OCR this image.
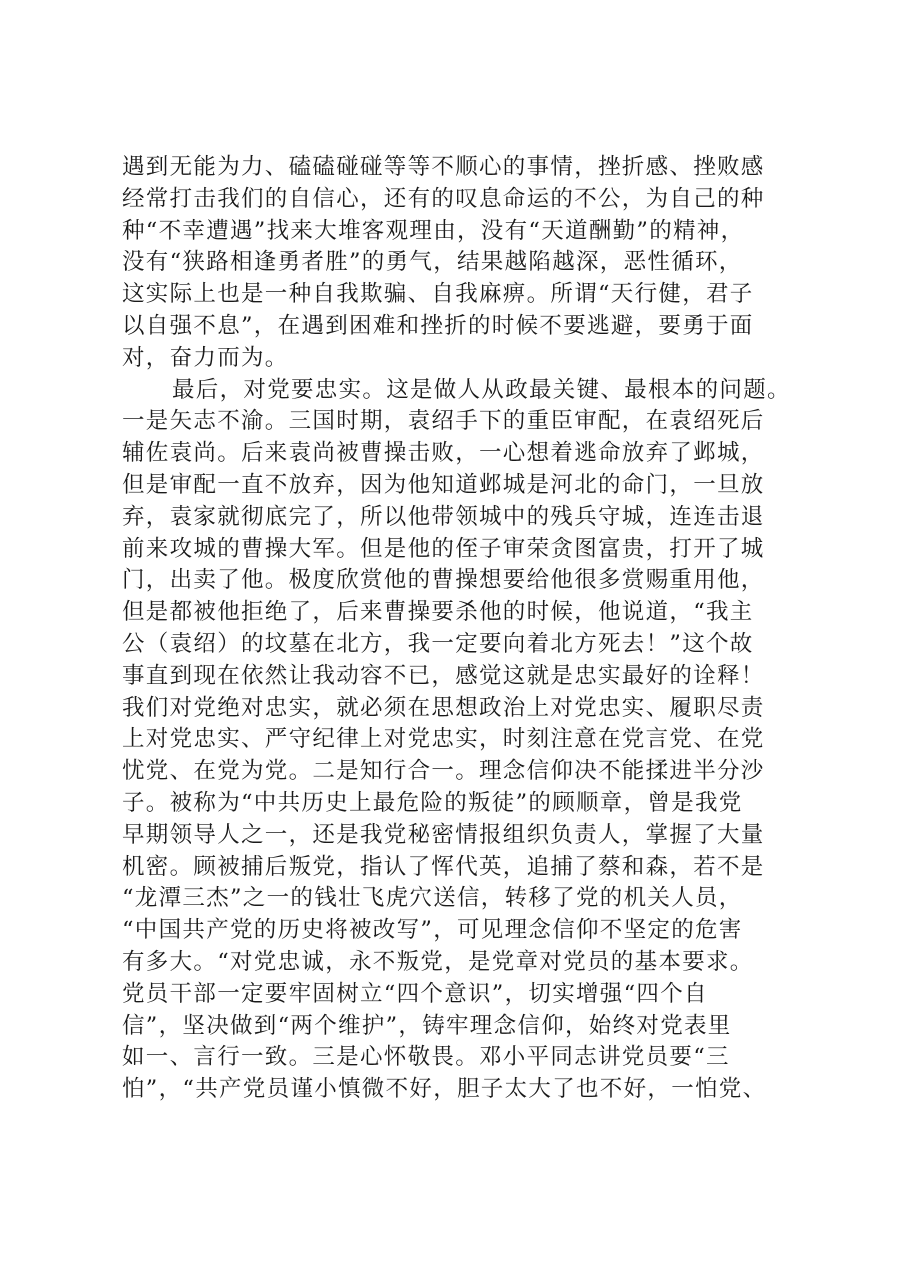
遇到无能为力、磕磕碰碰等等不顺心的事情，挫折感、挫败感
经常打击我们的自信心，还有的叹息命运的不公，为自己的种
种“不幸遭遇”找来大堆客观理由，没有“天道酬勤”的精神，
没有“狭路相逢勇者胜”的勇气，结果越陷越深，恶性循环，
这实际上也是一种自我欺骗、自我麻痹。所谓“天行健，君子
以自强不息”，在遇到困难和挫折的时候不要逃避，要勇于面
对，奋力而为。
最后，对党要忠实。这是做人从政最关键、最根本的问题。
一是矢志不渝。三国时期，袁绍手下的重臣审配，在袁绍死后
辅佐袁尚。后来袁尚被曹操击败，一心想着逃命放弃了邺城，
但是审配一直不放弃，因为他知道邺城是河北的命门，一旦放
弃，袁家就彻底完了，所以他带领城中的残兵守城，连连击退
前来攻城的曹操大军。但是他的侄子审荣贪图富贵，打开了城
门，出卖了他。极度欣赏他的曹操想要给他很多赏赐重用他，
但是都被他拒绝了，后来曹操要杀他的时候，他说道，“我主
公（袁绍）的坟墓在北方，我一定要向着北方死去！”这个故
事直到现在依然让我动容不已，感觉这就是忠实最好的诠释！
我们对党绝对忠实，就必须在思想政治上对党忠实、履职尽责
上对党忠实、严守纪律上对党忠实，时刻注意在党言党、在党
忧党、在党为党。二是知行合一。理念信仰决不能揉进半分沙
子。被称为“中共历史上最危险的叛徒”的顾顺章，曾是我党
早期领导人之一，还是我党秘密情报组织负责人，掌握了大量
机密。顾被捕后叛党，指认了恽代英，追捕了蔡和森，若不是
“龙潭三杰”之一的钱壮飞虎穴送信，转移了党的机关人员，
“中国共产党的历史将被改写”，可见理念信仰不坚定的危害
有多大。“对党忠诚，永不叛党，是党章对党员的基本要求。
党员干部一定要牢固树立“四个意识”，切实增强“四个自
信”，坚决做到“两个维护”，铸牢理念信仰，始终对党表里
如一、言行一致。三是心怀敬畏。邓小平同志讲党员要“三
怕”，“共产党员谨小慎微不好，胆子太大了也不好，一怕党、
